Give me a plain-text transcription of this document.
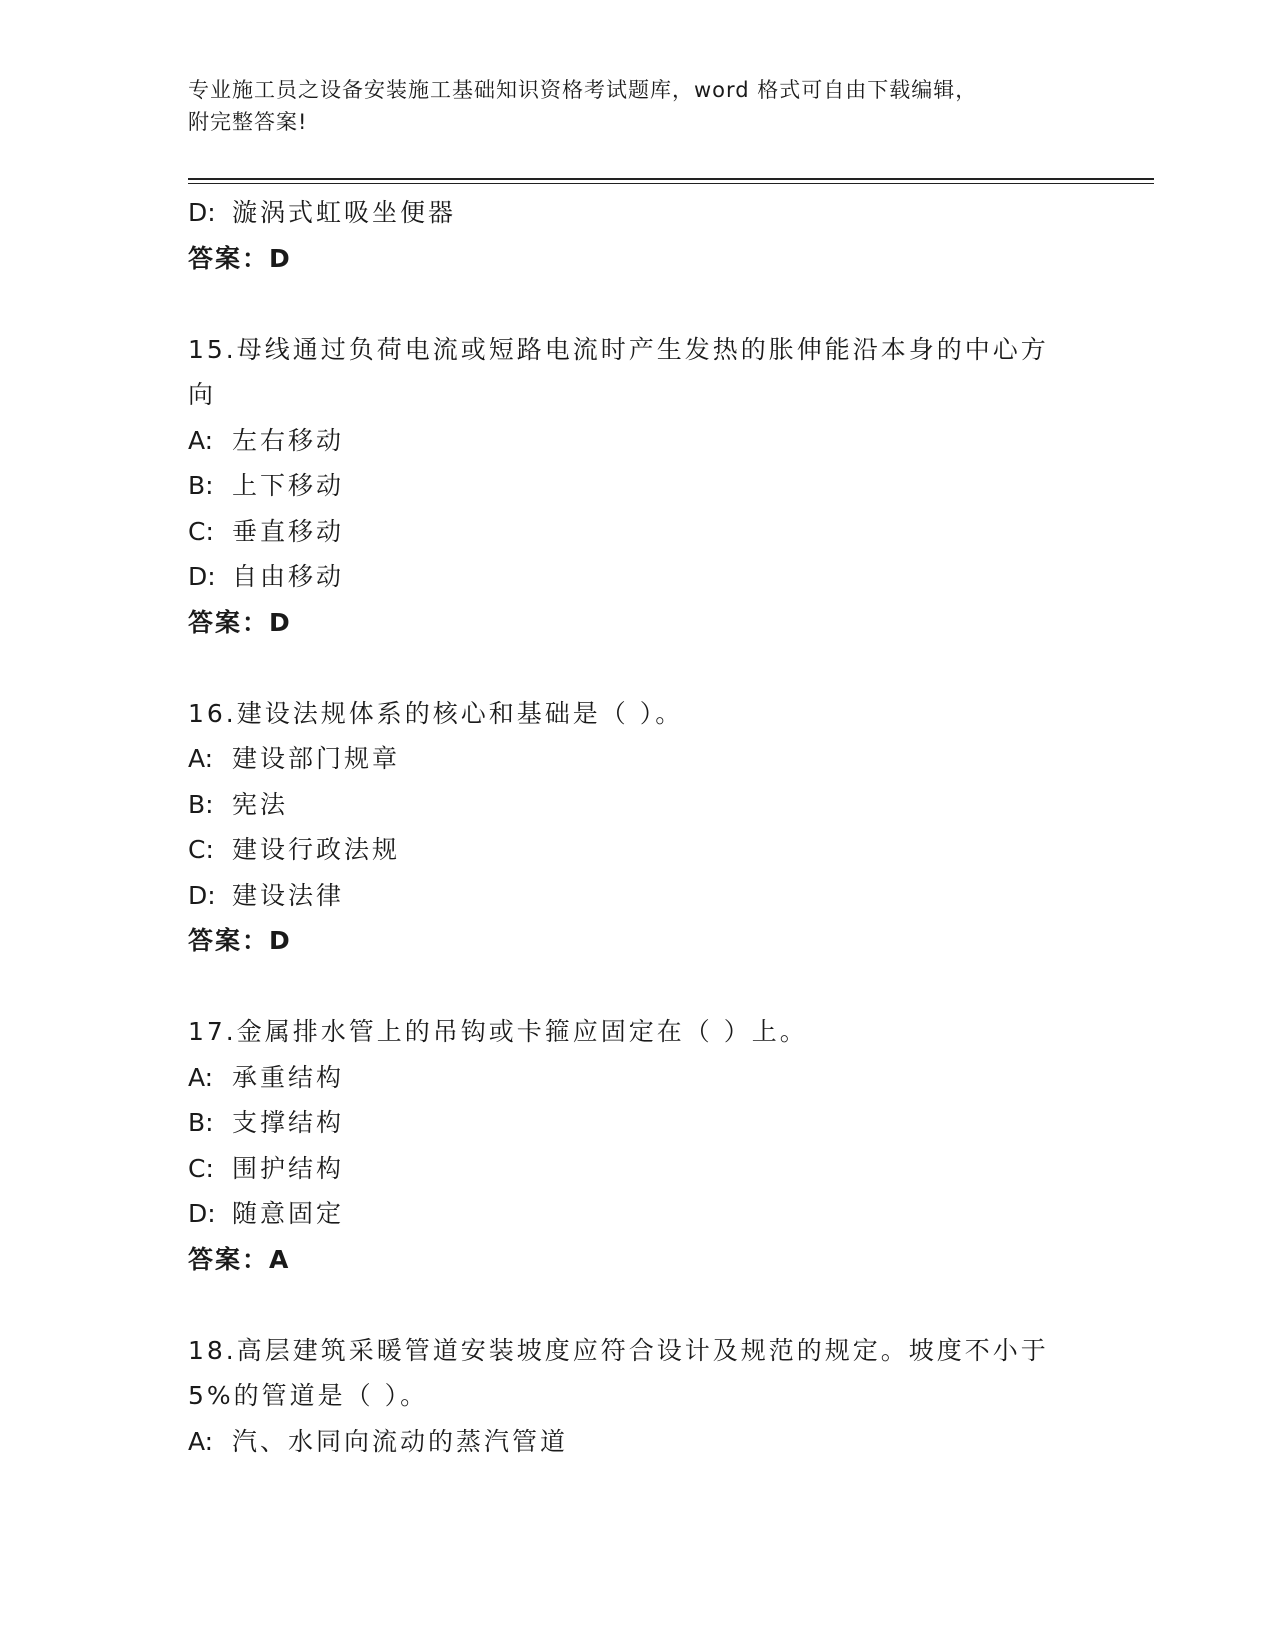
专业施工员之设备安装施工基础知识资格考试题库，word 格式可自由下载编辑，
附完整答案!
D: 漩涡式虹吸坐便器
答案：D
15.母线通过负荷电流或短路电流时产生发热的胀伸能沿本身的中心方
向
A: 左右移动
B: 上下移动
C: 垂直移动
D: 自由移动
答案：D
16.建设法规体系的核心和基础是（ ）。
A: 建设部门规章
B: 宪法
C: 建设行政法规
D: 建设法律
答案：D
17.金属排水管上的吊钩或卡箍应固定在（ ）上。
A: 承重结构
B: 支撑结构
C: 围护结构
D: 随意固定
答案：A
18.高层建筑采暖管道安装坡度应符合设计及规范的规定。坡度不小于
5%的管道是（ ）。
A: 汽、水同向流动的蒸汽管道
